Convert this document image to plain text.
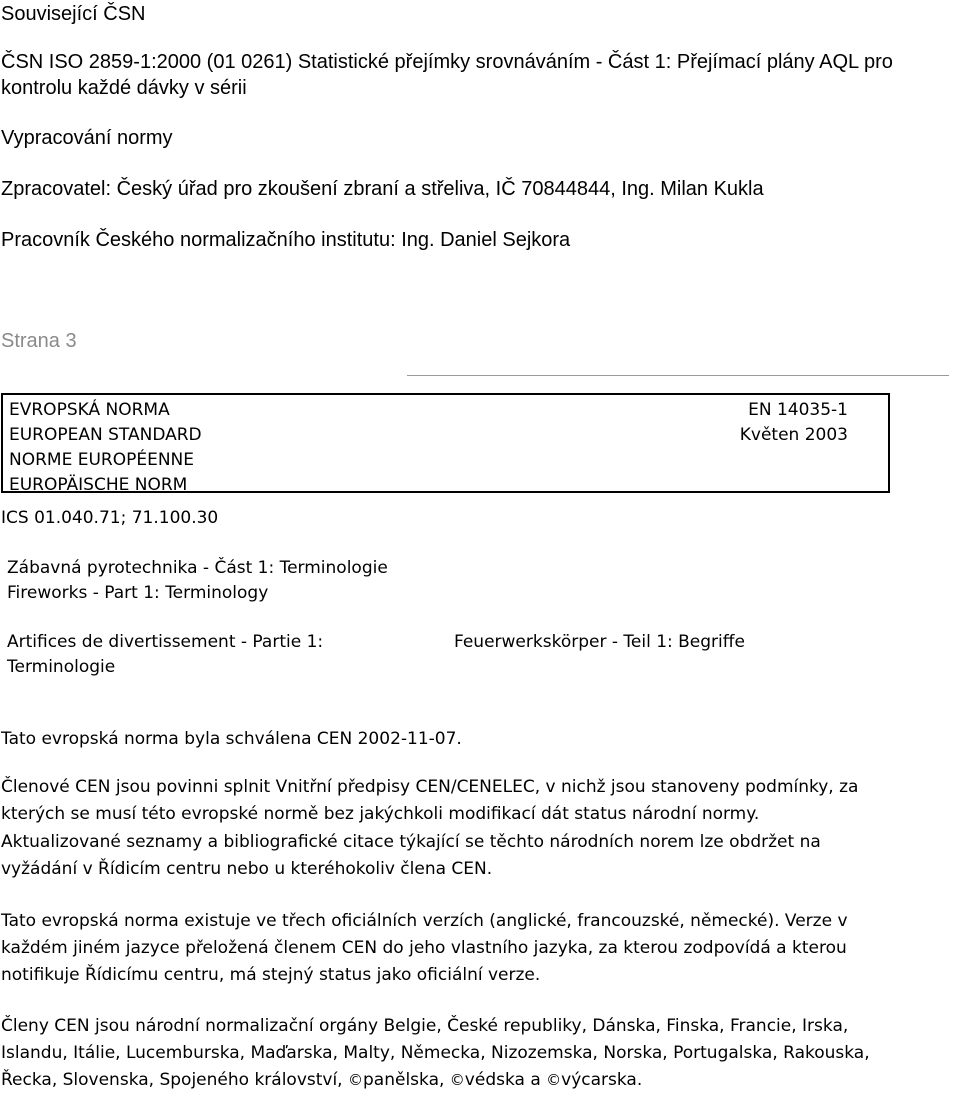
Související ČSN
ČSN ISO 2859-1:2000 (01 0261) Statistické přejímky srovnáváním - Část 1: Přejímací plány AQL pro
kontrolu každé dávky v sérii
Vypracování normy
Zpracovatel: Český úřad pro zkoušení zbraní a střeliva, IČ 70844844, Ing. Milan Kukla
Pracovník Českého normalizačního institutu: Ing. Daniel Sejkora
Strana 3
EVROPSKÁ NORMA
EUROPEAN STANDARD
NORME EUROPÉENNE
EUROPÄISCHE NORM
EN 14035-1
Květen 2003
ICS 01.040.71; 71.100.30
Zábavná pyrotechnika - Část 1: Terminologie
Fireworks - Part 1: Terminology
Artifices de divertissement - Partie 1:
Terminologie
Feuerwerkskörper - Teil 1: Begriffe
Tato evropská norma byla schválena CEN 2002-11-07.
Členové CEN jsou povinni splnit Vnitřní předpisy CEN/CENELEC, v nichž jsou stanoveny podmínky, za
kterých se musí této evropské normě bez jakýchkoli modifikací dát status národní normy.
Aktualizované seznamy a bibliografické citace týkající se těchto národních norem lze obdržet na
vyžádání v Řídicím centru nebo u kteréhokoliv člena CEN.
Tato evropská norma existuje ve třech oficiálních verzích (anglické, francouzské, německé). Verze v
každém jiném jazyce přeložená členem CEN do jeho vlastního jazyka, za kterou zodpovídá a kterou
notifikuje Řídicímu centru, má stejný status jako oficiální verze.
Členy CEN jsou národní normalizační orgány Belgie, České republiky, Dánska, Finska, Francie, Irska,
Islandu, Itálie, Lucemburska, Maďarska, Malty, Německa, Nizozemska, Norska, Portugalska, Rakouska,
Řecka, Slovenska, Spojeného království, ©panělska, ©védska a ©výcarska.
